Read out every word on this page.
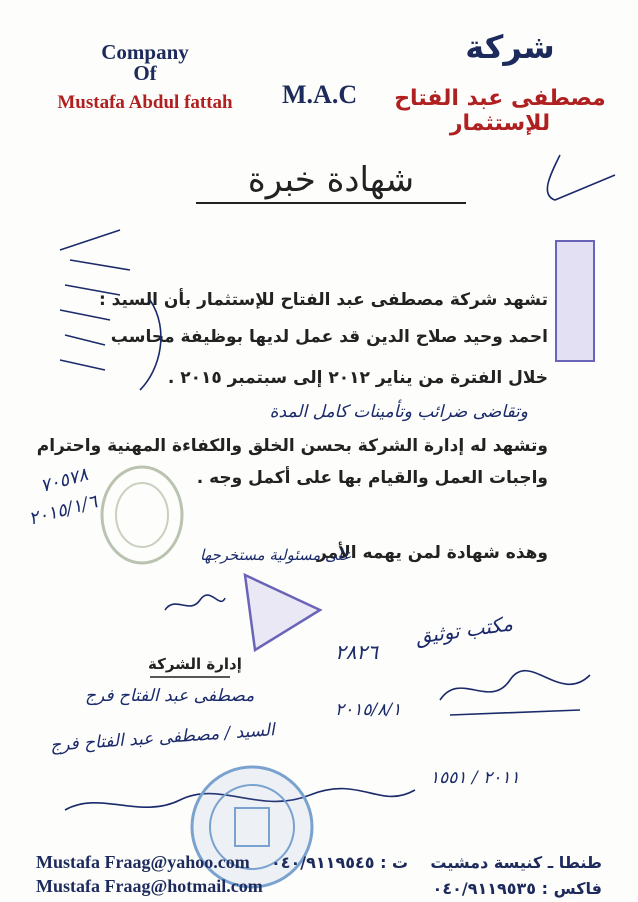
Company
Of
Mustafa Abdul fattah	M.A.C
شركة
مصطفى عبد الفتاح للإستثمار
شهادة خبرة

تشهد شركة مصطفى عبد الفتاح للإستثمار بأن السيد :
احمد وحيد صلاح الدين قد عمل لديها بوظيفة محاسب
خلال الفترة من يناير ٢٠١٢ إلى سبتمبر ٢٠١٥ .
وتقاضى ضرائب وتأمينات كامل المدة
وتشهد له إدارة الشركة بحسن الخلق والكفاءة المهنية واحترام
واجبات العمل والقيام بها على أكمل وجه .
وهذه شهادة لمن يهمه الأمر
على مسئولية مستخرجها
٧٠٥٧٨
٢٠١٥/١/٦
إدارة الشركة
مصطفى عبد الفتاح فرج
مكتب توثيق
٢٨٢٦
٢٠١٥/٨/١
السيد / مصطفى عبد الفتاح فرج
٢٠١١ / ١٥٥١
Mustafa Fraag@yahoo.com
Mustafa Fraag@hotmail.com
طنطا ـ كنيسة دمشيت    ت : ٠٤٠/٩١١٩٥٤٥
فاكس : ٠٤٠/٩١١٩٥٣٥
